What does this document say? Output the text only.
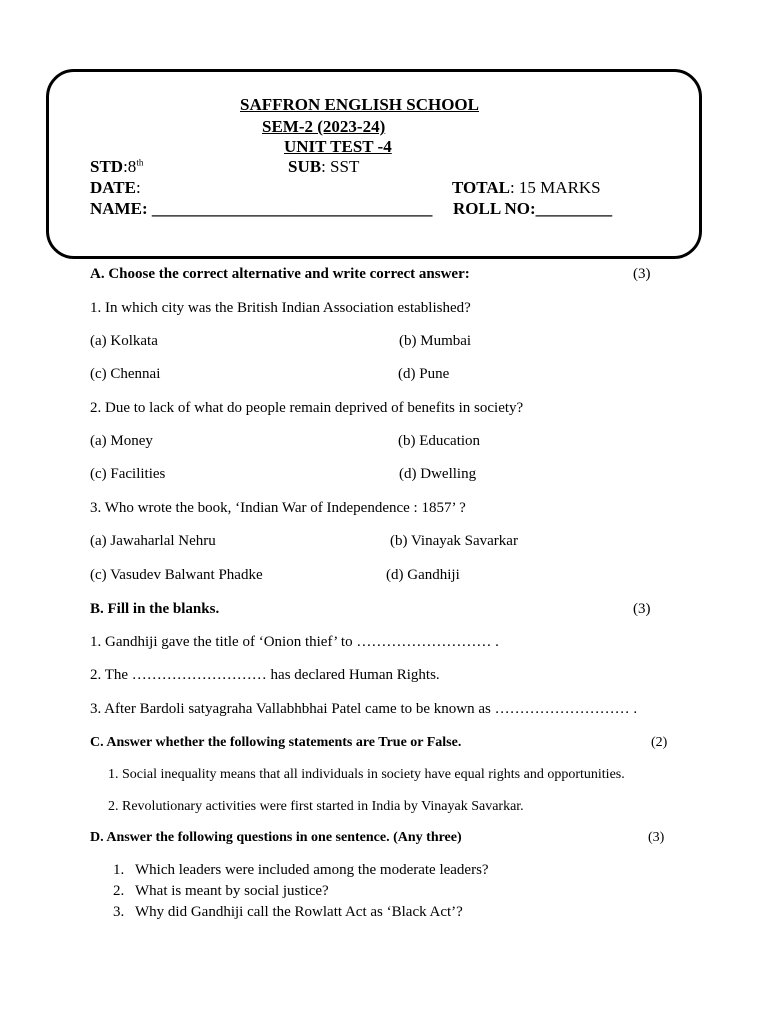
SAFFRON ENGLISH SCHOOL
SEM-2 (2023-24)
UNIT TEST -4
STD:8th	SUB: SST
DATE:	TOTAL: 15 MARKS
NAME: _________________________________ ROLL NO:_________
A. Choose the correct alternative and write correct answer:	(3)
1. In which city was the British Indian Association established?
(a) Kolkata	(b) Mumbai
(c) Chennai	(d) Pune
2. Due to lack of what do people remain deprived of benefits in society?
(a) Money	(b) Education
(c) Facilities	(d) Dwelling
3. Who wrote the book, ‘Indian War of Independence : 1857’ ?
(a) Jawaharlal Nehru	(b) Vinayak Savarkar
(c) Vasudev Balwant Phadke	(d) Gandhiji
B. Fill in the blanks.	(3)
1. Gandhiji gave the title of ‘Onion thief’ to ……………………… .
2. The ……………………… has declared Human Rights.
3. After Bardoli satyagraha Vallabhbhai Patel came to be known as ……………………… .
C. Answer whether the following statements are True or False.	(2)
1. Social inequality means that all individuals in society have equal rights and opportunities.
2. Revolutionary activities were first started in India by Vinayak Savarkar.
D. Answer the following questions in one sentence. (Any three)	(3)
1. Which leaders were included among the moderate leaders?
2. What is meant by social justice?
3. Why did Gandhiji call the Rowlatt Act as ‘Black Act’?
